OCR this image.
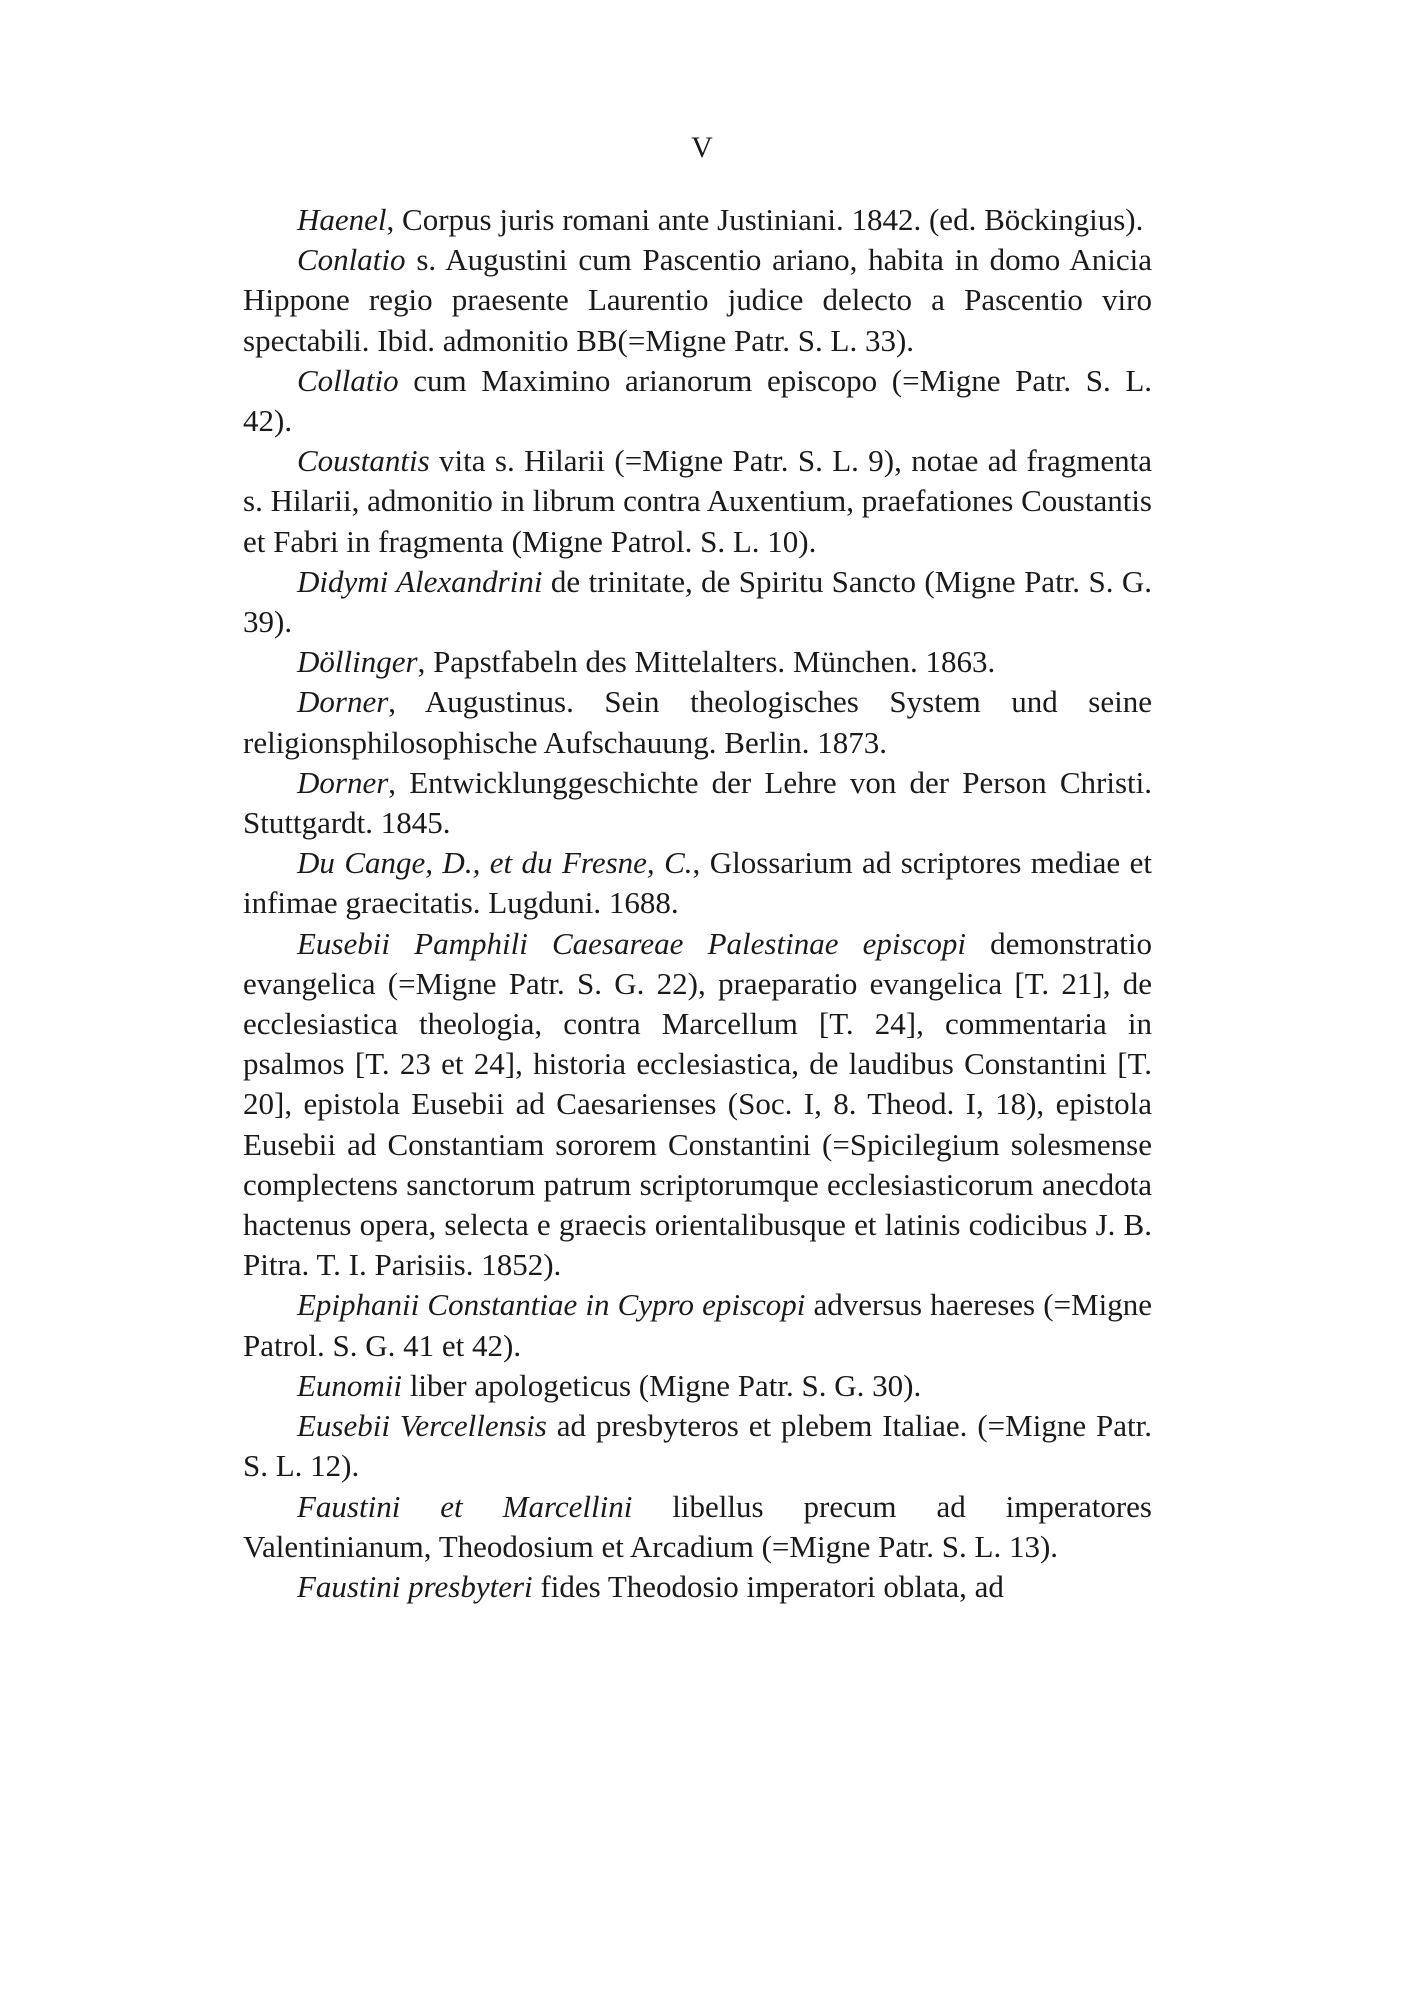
V

Haenel, Corpus juris romani ante Justiniani. 1842. (ed. Böckingius).

Conlatio s. Augustini cum Pascentio ariano, habita in domo Anicia Hippone regio praesente Laurentio judice delecto a Pascentio viro spectabili. Ibid. admonitio BB(=Migne Patr. S. L. 33).

Collatio cum Maximino arianorum episcopo (=Migne Patr. S. L. 42).

Coustantis vita s. Hilarii (=Migne Patr. S. L. 9), notae ad fragmenta s. Hilarii, admonitio in librum contra Auxentium, praefationes Coustantis et Fabri in fragmenta (Migne Patrol. S. L. 10).

Didymi Alexandrini de trinitate, de Spiritu Sancto (Migne Patr. S. G. 39).

Döllinger, Papstfabeln des Mittelalters. München. 1863.

Dorner, Augustinus. Sein theologisches System und seine religionsphilosophische Aufschauung. Berlin. 1873.

Dorner, Entwicklunggeschichte der Lehre von der Person Christi. Stuttgardt. 1845.

Du Cange, D., et du Fresne, C., Glossarium ad scriptores mediae et infimae graecitatis. Lugduni. 1688.

Eusebii Pamphili Caesareae Palestinae episcopi demonstratio evangelica (=Migne Patr. S. G. 22), praeparatio evangelica [T. 21], de ecclesiastica theologia, contra Marcellum [T. 24], commentaria in psalmos [T. 23 et 24], historia ecclesiastica, de laudibus Constantini [T. 20], epistola Eusebii ad Caesarienses (Soc. I, 8. Theod. I, 18), epistola Eusebii ad Constantiam sororem Constantini (=Spicilegium solesmense complectens sanctorum patrum scriptorumque ecclesiasticorum anecdota hactenus opera, selecta e graecis orientalibusque et latinis codicibus J. B. Pitra. T. I. Parisiis. 1852).

Epiphanii Constantiae in Cypro episcopi adversus haereses (=Migne Patrol. S. G. 41 et 42).

Eunomii liber apologeticus (Migne Patr. S. G. 30).

Eusebii Vercellensis ad presbyteros et plebem Italiae. (=Migne Patr. S. L. 12).

Faustini et Marcellini libellus precum ad imperatores Valentinianum, Theodosium et Arcadium (=Migne Patr. S. L. 13).

Faustini presbyteri fides Theodosio imperatori oblata, ad
